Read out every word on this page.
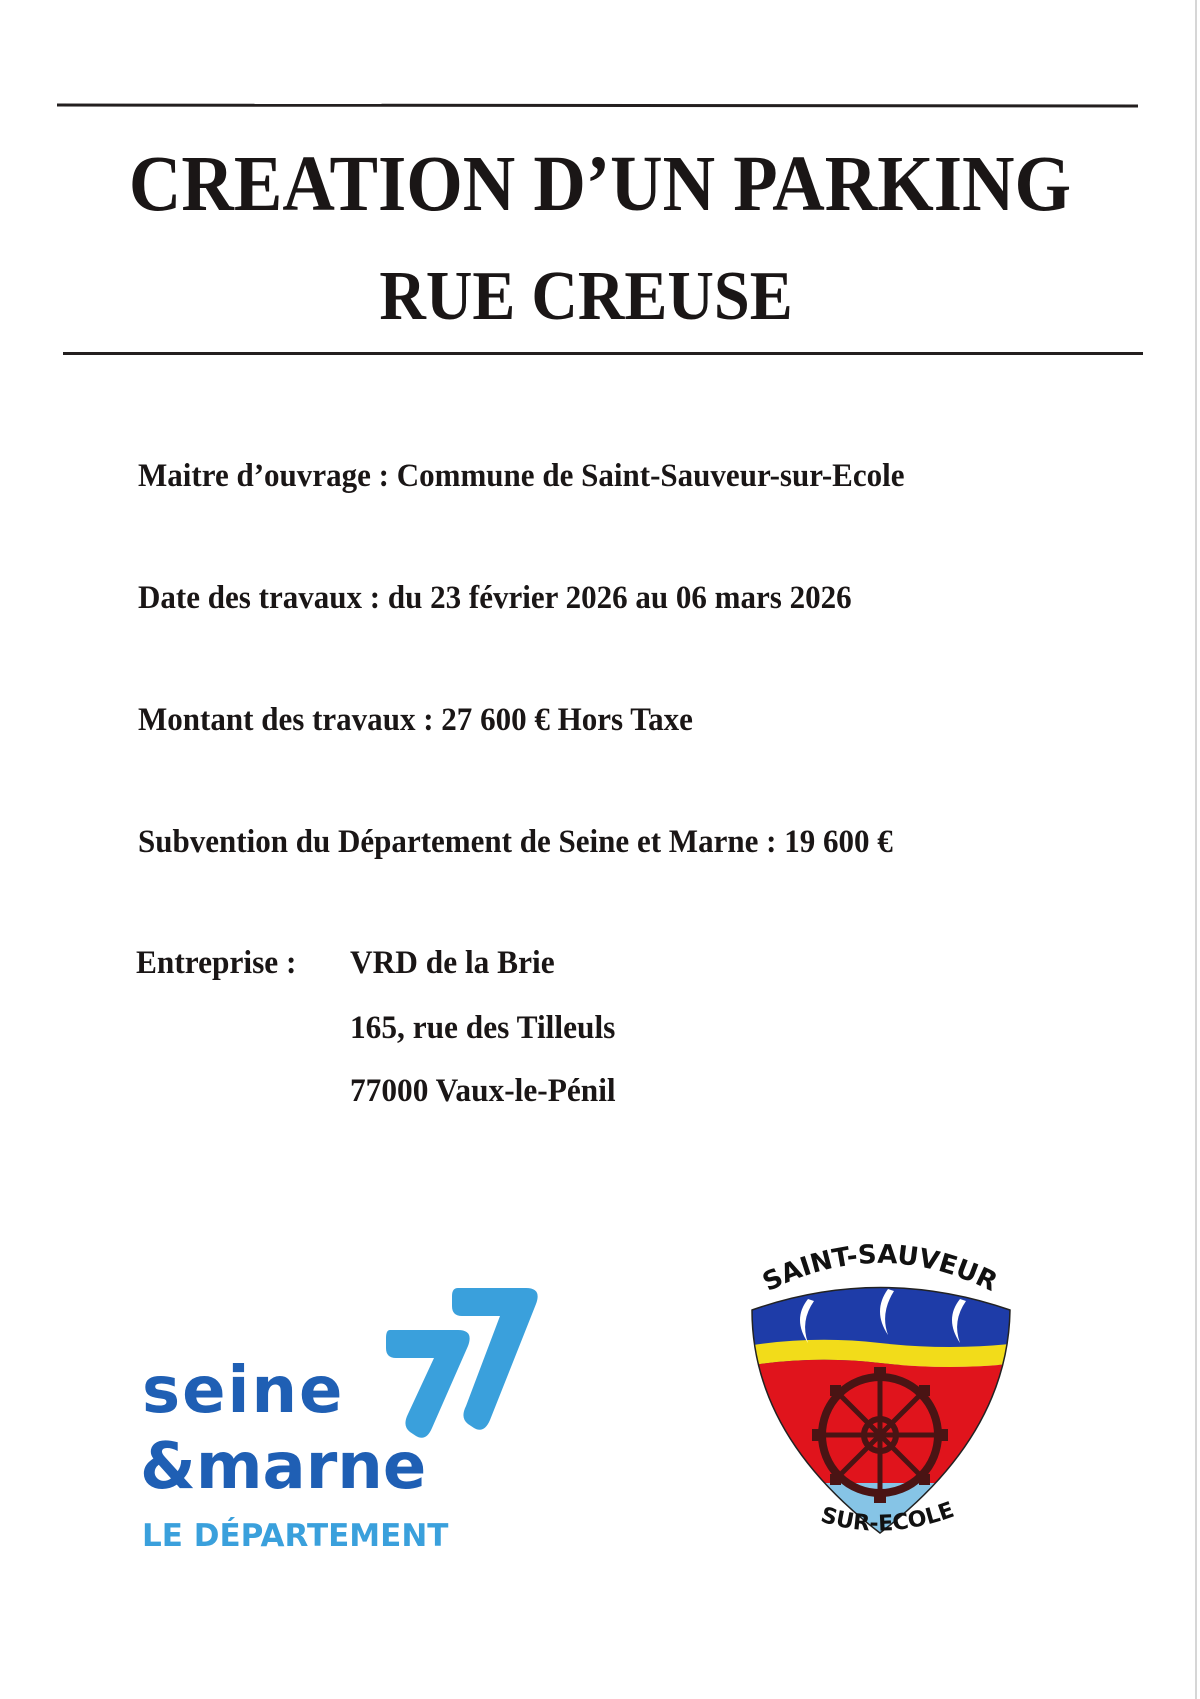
CREATION D’UN PARKING
RUE CREUSE
Maitre d’ouvrage : Commune de Saint-Sauveur-sur-Ecole
Date des travaux : du 23 février 2026 au 06 mars 2026
Montant des travaux : 27 600 € Hors Taxe
Subvention du Département de Seine et Marne : 19 600 €
Entreprise : VRD de la Brie
165, rue des Tilleuls
77000 Vaux-le-Pénil
seine
&marne
LE DÉPARTEMENT
SAINT-SAUVEUR
SUR-ECOLE
